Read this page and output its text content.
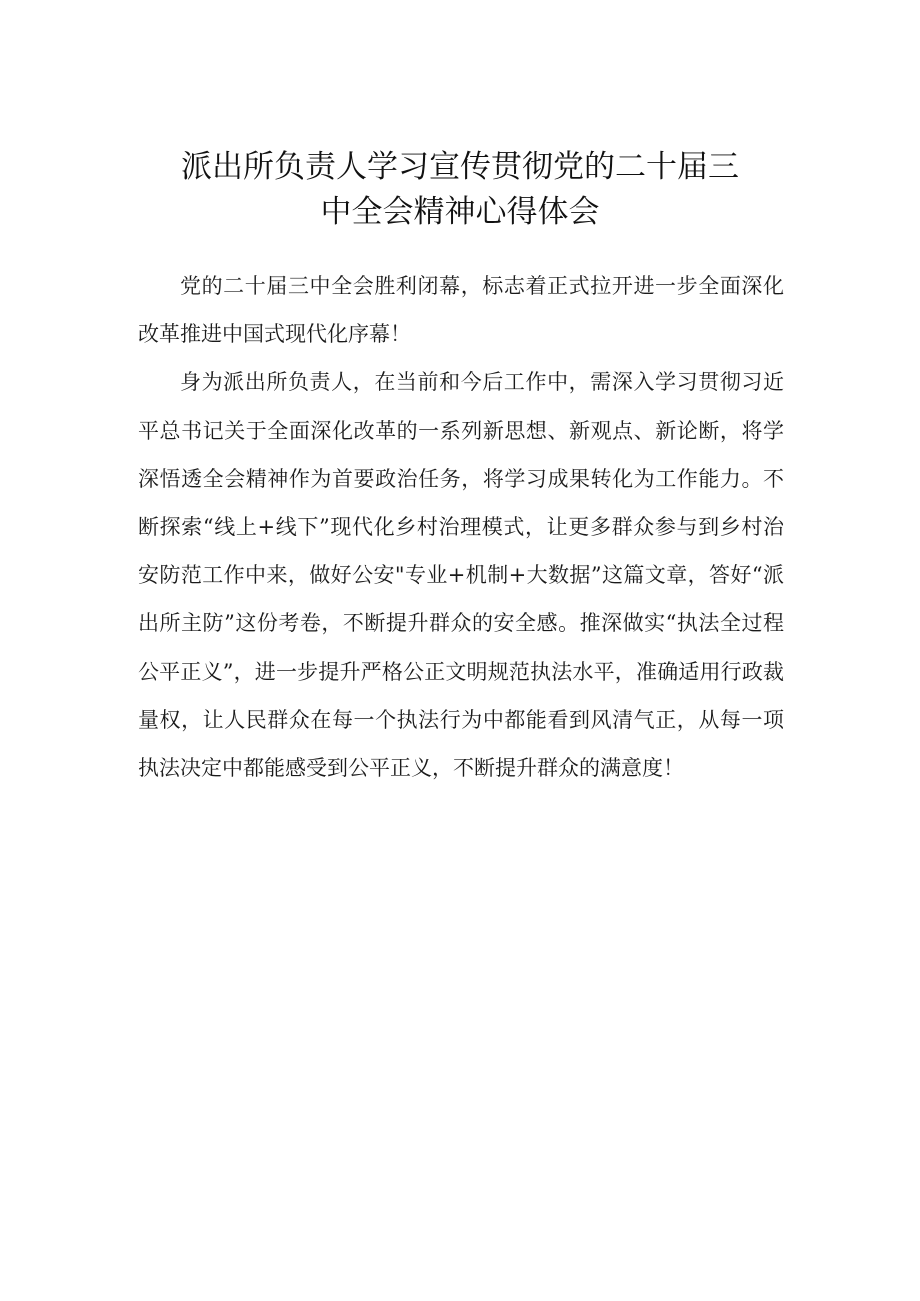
派出所负责人学习宣传贯彻党的二十届三
中全会精神心得体会

党的二十届三中全会胜利闭幕，标志着正式拉开进一步全面深化改革推进中国式现代化序幕！

身为派出所负责人，在当前和今后工作中，需深入学习贯彻习近平总书记关于全面深化改革的一系列新思想、新观点、新论断，将学深悟透全会精神作为首要政治任务，将学习成果转化为工作能力。不断探索“线上+线下”现代化乡村治理模式，让更多群众参与到乡村治安防范工作中来，做好公安"专业+机制+大数据”这篇文章，答好“派出所主防”这份考卷，不断提升群众的安全感。推深做实“执法全过程公平正义”，进一步提升严格公正文明规范执法水平，准确适用行政裁量权，让人民群众在每一个执法行为中都能看到风清气正，从每一项执法决定中都能感受到公平正义，不断提升群众的满意度！
